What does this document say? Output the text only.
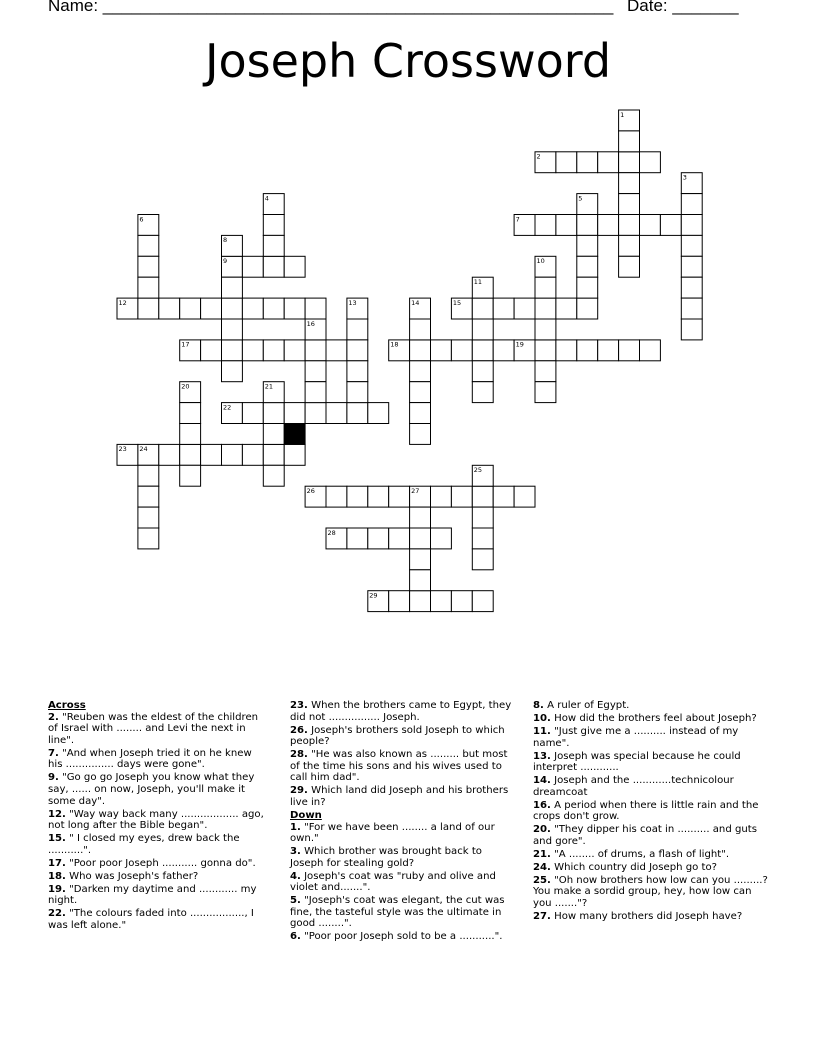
Name: ______________________________________________________ Date: _______
Joseph Crossword
2
7
9
12	15
17	18	19
22
23
26
28
29
1
3
4	5
6
8
10
11
13	14
16
20	21
24
25
27
Across
2. "Reuben was the eldest of the children of Israel with ........ and Levi the next in line".
7. "And when Joseph tried it on he knew his ............... days were gone".
9. "Go go go Joseph you know what they say, ...... on now, Joseph, you'll make it some day".
12. "Way way back many .................. ago, not long after the Bible began".
15. " I closed my eyes, drew back the ...........".
17. "Poor poor Joseph ........... gonna do".
18. Who was Joseph's father?
19. "Darken my daytime and ............ my night.
22. "The colours faded into ................., I was left alone."
23. When the brothers came to Egypt, they did not ................ Joseph.
26. Joseph's brothers sold Joseph to which people?
28. "He was also known as ......... but most of the time his sons and his wives used to call him dad".
29. Which land did Joseph and his brothers live in?
Down
1. "For we have been ........ a land of our own."
3. Which brother was brought back to Joseph for stealing gold?
4. Joseph's coat was "ruby and olive and violet and.......".
5. "Joseph's coat was elegant, the cut was fine, the tasteful style was the ultimate in good ........".
6. "Poor poor Joseph sold to be a ...........".
8. A ruler of Egypt.
10. How did the brothers feel about Joseph?
11. "Just give me a .......... instead of my name".
13. Joseph was special because he could interpret ............
14. Joseph and the ............technicolour dreamcoat
16. A period when there is little rain and the crops don't grow.
20. "They dipper his coat in .......... and guts and gore".
21. "A ........ of drums, a flash of light".
24. Which country did Joseph go to?
25. "Oh now brothers how low can you .........? You make a sordid group, hey, how low can you ......."?
27. How many brothers did Joseph have?
